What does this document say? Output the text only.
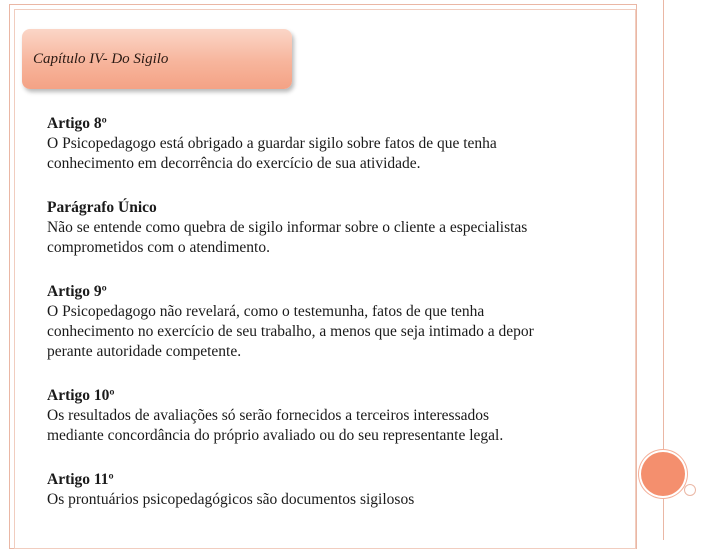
Capítulo IV- Do Sigilo
Artigo 8º
O Psicopedagogo está obrigado a guardar sigilo sobre fatos de que tenha
conhecimento em decorrência do exercício de sua atividade.
Parágrafo Único
Não se entende como quebra de sigilo informar sobre o cliente a especialistas
comprometidos com o atendimento.
Artigo 9º
O Psicopedagogo não revelará, como o testemunha, fatos de que tenha
conhecimento no exercício de seu trabalho, a menos que seja intimado a depor
perante autoridade competente.
Artigo 10º
Os resultados de avaliações só serão fornecidos a terceiros interessados
mediante concordância do próprio avaliado ou do seu representante legal.
Artigo 11º
Os prontuários psicopedagógicos são documentos sigilosos
